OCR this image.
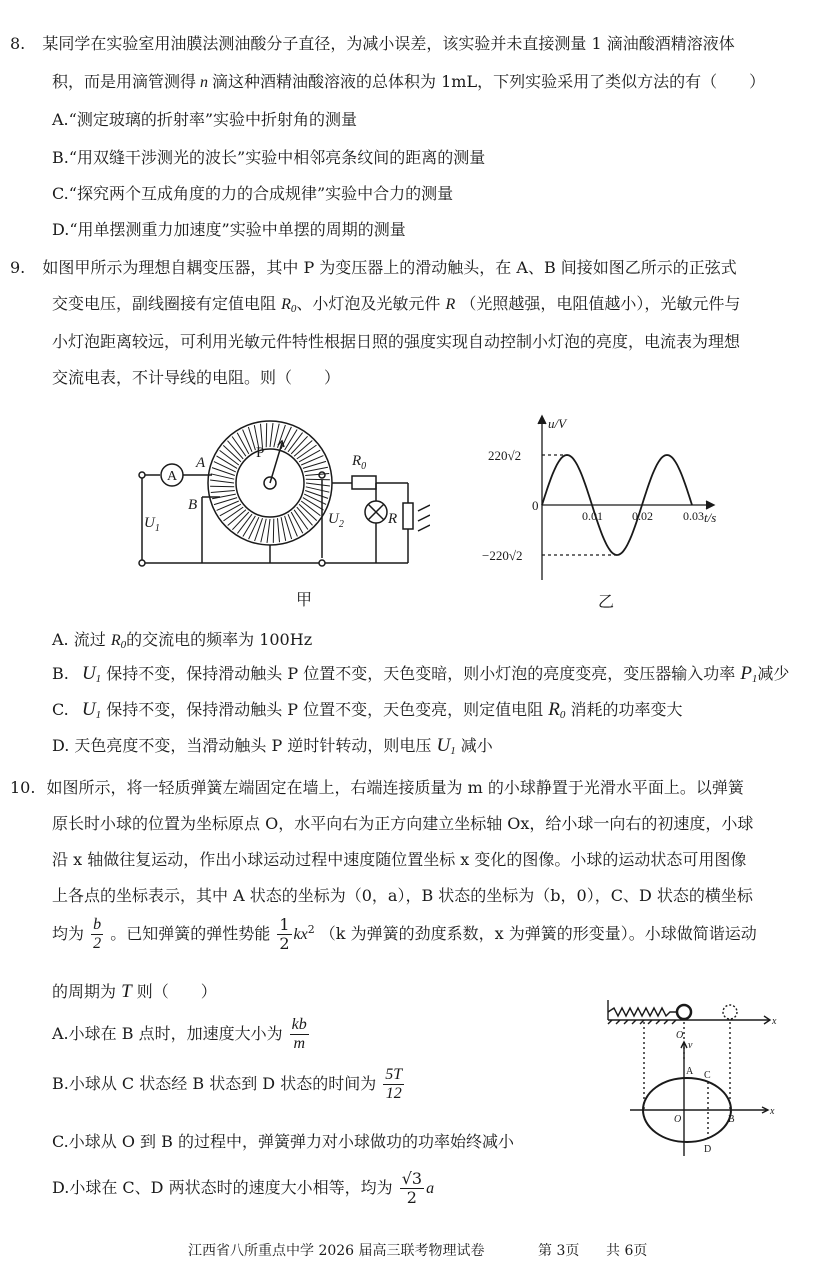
8. 某同学在实验室用油膜法测油酸分子直径，为减小误差，该实验并未直接测量 1 滴油酸酒精溶液体
积，而是用滴管测得 n 滴这种酒精油酸溶液的总体积为 1mL，下列实验采用了类似方法的有（　　）
A.“测定玻璃的折射率”实验中折射角的测量
B.“用双缝干涉测光的波长”实验中相邻亮条纹间的距离的测量
C.“探究两个互成角度的力的合成规律”实验中合力的测量
D.“用单摆测重力加速度”实验中单摆的周期的测量
9. 如图甲所示为理想自耦变压器，其中 P 为变压器上的滑动触头，在 A、B 间接如图乙所示的正弦式
交变电压，副线圈接有定值电阻 $R_0$、小灯泡及光敏元件 R （光照越强，电阻值越小），光敏元件与
小灯泡距离较远，可利用光敏元件特性根据日照的强度实现自动控制小灯泡的亮度，电流表为理想
交流电表，不计导线的电阻。则（　　）
A
A
B
P
$U_1$
$U_2$
$R_0$
R
甲
u/V
t/s
0
220√2
−220√2
0.01 0.02	0.03
乙
A. 流过 $R_0$的交流电的频率为 100Hz
B. $U_1$ 保持不变，保持滑动触头 P 位置不变，天色变暗，则小灯泡的亮度变亮，变压器输入功率 $P_1$减少
C. $U_1$ 保持不变，保持滑动触头 P 位置不变，天色变亮，则定值电阻 $R_0$ 消耗的功率变大
D. 天色亮度不变，当滑动触头 P 逆时针转动，则电压 $U_1$ 减小
10. 如图所示，将一轻质弹簧左端固定在墙上，右端连接质量为 m 的小球静置于光滑水平面上。以弹簧
原长时小球的位置为坐标原点 O，水平向右为正方向建立坐标轴 Ox，给小球一向右的初速度，小球
沿 x 轴做往复运动，作出小球运动过程中速度随位置坐标 x 变化的图像。小球的运动状态可用图像
上各点的坐标表示，其中 A 状态的坐标为（0，a），B 状态的坐标为（b，0），C、D 状态的横坐标
均为 $\frac{b}{2}$ 。已知弹簧的弹性势能 $\frac{1}{2} kx^2$ （k 为弹簧的劲度系数，x 为弹簧的形变量）。小球做简谐运动
的周期为 T 则（　　）
A.小球在 B 点时，加速度大小为 $\frac{kb}{m}$
B.小球从 C 状态经 B 状态到 D 状态的时间为 $\frac{5T}{12}$
C.小球从 O 到 B 的过程中，弹簧弹力对小球做功的功率始终减小
D.小球在 C、D 两状态时的速度大小相等，均为 $\frac{√3}{2}$ a
O
x
v
A C
O	B
D
x
江西省八所重点中学 2026 届高三联考物理试卷	第 3页 共 6页
